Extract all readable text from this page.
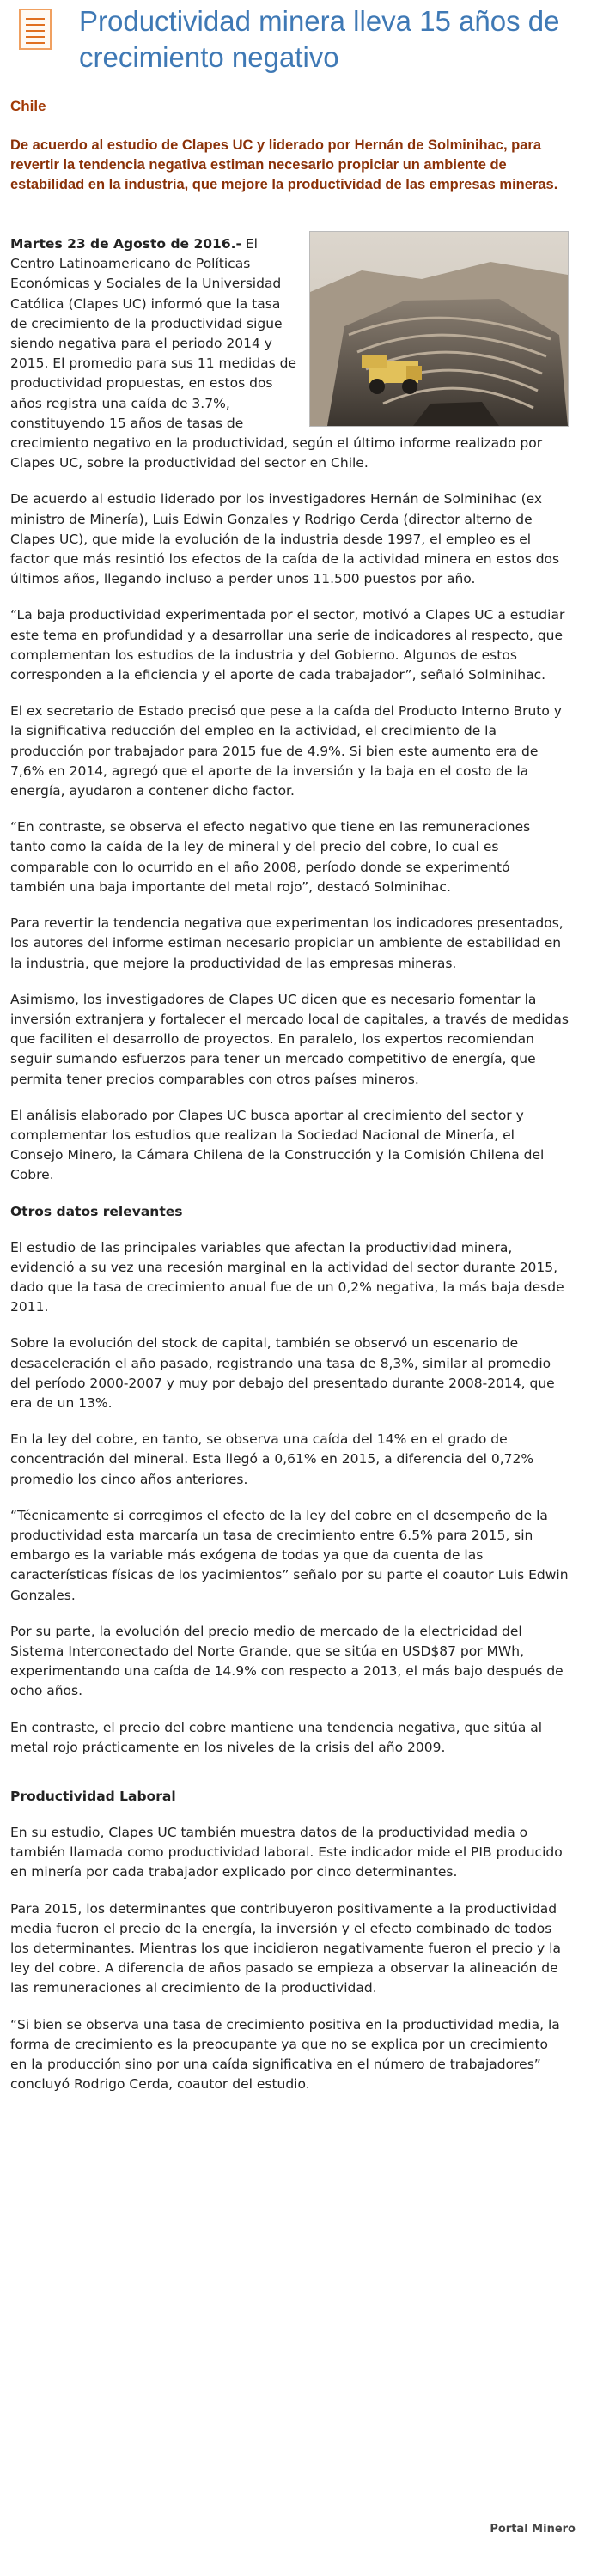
Productividad minera lleva 15 años de crecimiento negativo
Chile

De acuerdo al estudio de Clapes UC y liderado por Hernán de Solminihac, para revertir la tendencia negativa estiman necesario propiciar un ambiente de estabilidad en la industria, que mejore la productividad de las empresas mineras.

Martes 23 de Agosto de 2016.- El Centro Latinoamericano de Políticas Económicas y Sociales de la Universidad Católica (Clapes UC) informó que la tasa de crecimiento de la productividad sigue siendo negativa para el periodo 2014 y 2015. El promedio para sus 11 medidas de productividad propuestas, en estos dos años registra una caída de 3.7%, constituyendo 15 años de tasas de crecimiento negativo en la productividad, según el último informe realizado por Clapes UC, sobre la productividad del sector en Chile.

De acuerdo al estudio liderado por los investigadores Hernán de Solminihac (ex ministro de Minería), Luis Edwin Gonzales y Rodrigo Cerda (director alterno de Clapes UC), que mide la evolución de la industria desde 1997, el empleo es el factor que más resintió los efectos de la caída de la actividad minera en estos dos últimos años, llegando incluso a perder unos 11.500 puestos por año.

“La baja productividad experimentada por el sector, motivó a Clapes UC a estudiar este tema en profundidad y a desarrollar una serie de indicadores al respecto, que complementan los estudios de la industria y del Gobierno. Algunos de estos corresponden a la eficiencia y el aporte de cada trabajador”, señaló Solminihac.

El ex secretario de Estado precisó que pese a la caída del Producto Interno Bruto y la significativa reducción del empleo en la actividad, el crecimiento de la producción por trabajador para 2015 fue de 4.9%. Si bien este aumento era de 7,6% en 2014, agregó que el aporte de la inversión y la baja en el costo de la energía, ayudaron a contener dicho factor.

“En contraste, se observa el efecto negativo que tiene en las remuneraciones tanto como la caída de la ley de mineral y del precio del cobre, lo cual es comparable con lo ocurrido en el año 2008, período donde se experimentó también una baja importante del metal rojo”, destacó Solminihac.

Para revertir la tendencia negativa que experimentan los indicadores presentados, los autores del informe estiman necesario propiciar un ambiente de estabilidad en la industria, que mejore la productividad de las empresas mineras.

Asimismo, los investigadores de Clapes UC dicen que es necesario fomentar la inversión extranjera y fortalecer el mercado local de capitales, a través de medidas que faciliten el desarrollo de proyectos. En paralelo, los expertos recomiendan seguir sumando esfuerzos para tener un mercado competitivo de energía, que permita tener precios comparables con otros países mineros.

El análisis elaborado por Clapes UC busca aportar al crecimiento del sector y complementar los estudios que realizan la Sociedad Nacional de Minería, el Consejo Minero, la Cámara Chilena de la Construcción y la Comisión Chilena del Cobre.

Otros datos relevantes

El estudio de las principales variables que afectan la productividad minera, evidenció a su vez una recesión marginal en la actividad del sector durante 2015, dado que la tasa de crecimiento anual fue de un 0,2% negativa, la más baja desde 2011.

Sobre la evolución del stock de capital, también se observó un escenario de desaceleración el año pasado, registrando una tasa de 8,3%, similar al promedio del período 2000-2007 y muy por debajo del presentado durante 2008-2014, que era de un 13%.

En la ley del cobre, en tanto, se observa una caída del 14% en el grado de concentración del mineral. Esta llegó a 0,61% en 2015, a diferencia del 0,72% promedio los cinco años anteriores.

“Técnicamente si corregimos el efecto de la ley del cobre en el desempeño de la productividad esta marcaría un tasa de crecimiento entre 6.5% para 2015, sin embargo es la variable más exógena de todas ya que da cuenta de las características físicas de los yacimientos” señalo por su parte el coautor Luis Edwin Gonzales.

Por su parte, la evolución del precio medio de mercado de la electricidad del Sistema Interconectado del Norte Grande, que se sitúa en USD$87 por MWh, experimentando una caída de 14.9% con respecto a 2013, el más bajo después de ocho años.

En contraste, el precio del cobre mantiene una tendencia negativa, que sitúa al metal rojo prácticamente en los niveles de la crisis del año 2009.

Productividad Laboral

En su estudio, Clapes UC también muestra datos de la productividad media o también llamada como productividad laboral. Este indicador mide el PIB producido en minería por cada trabajador explicado por cinco determinantes.

Para 2015, los determinantes que contribuyeron positivamente a la productividad media fueron el precio de la energía, la inversión y el efecto combinado de todos los determinantes. Mientras los que incidieron negativamente fueron el precio y la ley del cobre. A diferencia de años pasado se empieza a observar la alineación de las remuneraciones al crecimiento de la productividad.

“Si bien se observa una tasa de crecimiento positiva en la productividad media, la forma de crecimiento es la preocupante ya que no se explica por un crecimiento en la producción sino por una caída significativa en el número de trabajadores” concluyó Rodrigo Cerda, coautor del estudio.

Portal Minero
